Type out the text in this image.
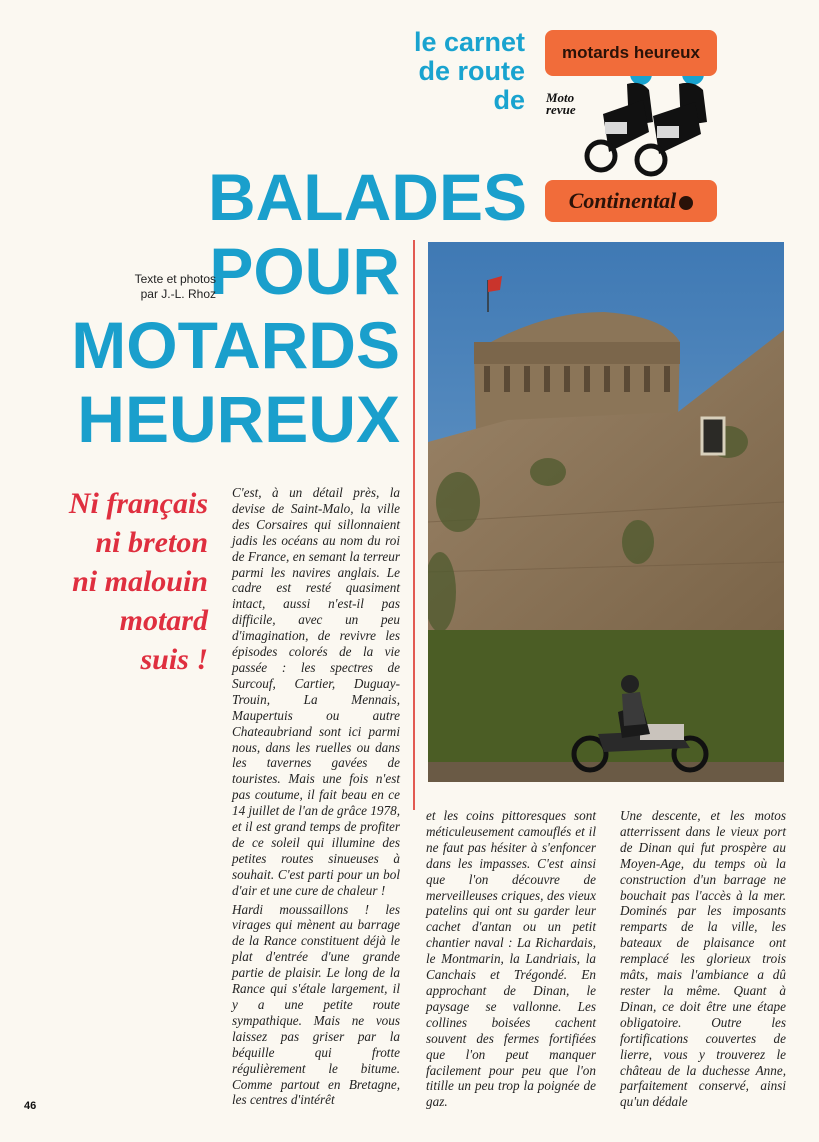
le carnet
de route
de
motards heureux
Moto
revue
Continental
BALADES
POUR
MOTARDS
HEUREUX
Texte et photos
par J.-L. Rhoz
Ni français
ni breton
ni malouin
motard
suis !

C'est, à un détail près, la devise de Saint-Malo, la ville des Corsaires qui sillonnaient jadis les océans au nom du roi de France, en semant la terreur parmi les navires anglais. Le cadre est resté quasiment intact, aussi n'est-il pas difficile, avec un peu d'imagination, de revivre les épisodes colorés de la vie passée : les spectres de Surcouf, Cartier, Duguay-Trouin, La Mennais, Maupertuis ou autre Chateaubriand sont ici parmi nous, dans les ruelles ou dans les tavernes gavées de touristes. Mais une fois n'est pas coutume, il fait beau en ce 14 juillet de l'an de grâce 1978, et il est grand temps de profiter de ce soleil qui illumine des petites routes sinueuses à souhait. C'est parti pour un bol d'air et une cure de chaleur !

Hardi moussaillons ! les virages qui mènent au barrage de la Rance constituent déjà le plat d'entrée d'une grande partie de plaisir. Le long de la Rance qui s'étale largement, il y a une petite route sympathique. Mais ne vous laissez pas griser par la béquille qui frotte régulièrement le bitume. Comme partout en Bretagne, les centres d'intérêt

et les coins pittoresques sont méticuleusement camouflés et il ne faut pas hésiter à s'enfoncer dans les impasses. C'est ainsi que l'on découvre de merveilleuses criques, des vieux patelins qui ont su garder leur cachet d'antan ou un petit chantier naval : La Richardais, le Montmarin, la Landriais, la Canchais et Trégondé. En approchant de Dinan, le paysage se vallonne. Les collines boisées cachent souvent des fermes fortifiées que l'on peut manquer facilement pour peu que l'on titille un peu trop la poignée de gaz.

Une descente, et les motos atterrissent dans le vieux port de Dinan qui fut prospère au Moyen-Age, du temps où la construction d'un barrage ne bouchait pas l'accès à la mer. Dominés par les imposants remparts de la ville, les bateaux de plaisance ont remplacé les glorieux trois mâts, mais l'ambiance a dû rester la même. Quant à Dinan, ce doit être une étape obligatoire. Outre les fortifications couvertes de lierre, vous y trouverez le château de la duchesse Anne, parfaitement conservé, ainsi qu'un dédale

46
